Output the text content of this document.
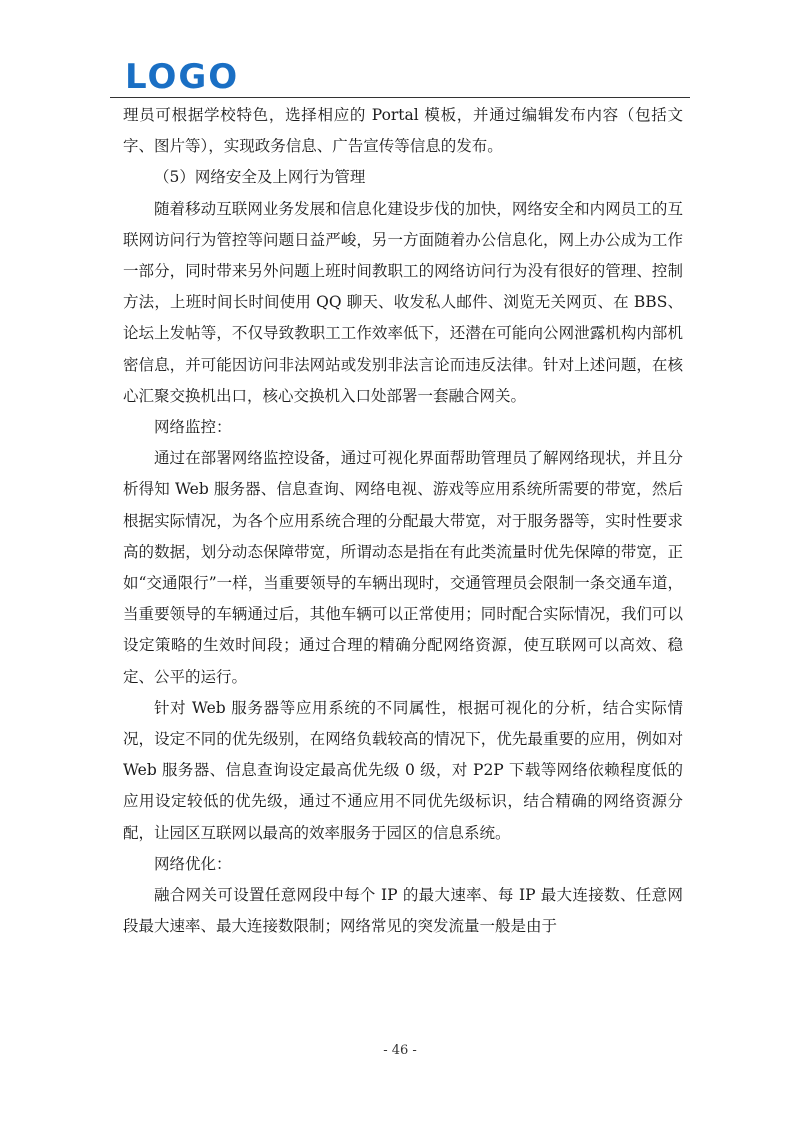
LOGO

理员可根据学校特色，选择相应的 Portal 模板，并通过编辑发布内容（包括文字、图片等），实现政务信息、广告宣传等信息的发布。

（5）网络安全及上网行为管理

随着移动互联网业务发展和信息化建设步伐的加快，网络安全和内网员工的互联网访问行为管控等问题日益严峻，另一方面随着办公信息化，网上办公成为工作一部分，同时带来另外问题上班时间教职工的网络访问行为没有很好的管理、控制方法，上班时间长时间使用 QQ 聊天、收发私人邮件、浏览无关网页、在 BBS、论坛上发帖等，不仅导致教职工工作效率低下，还潜在可能向公网泄露机构内部机密信息，并可能因访问非法网站或发别非法言论而违反法律。针对上述问题，在核心汇聚交换机出口，核心交换机入口处部署一套融合网关。

网络监控：

通过在部署网络监控设备，通过可视化界面帮助管理员了解网络现状，并且分析得知 Web 服务器、信息查询、网络电视、游戏等应用系统所需要的带宽，然后根据实际情况，为各个应用系统合理的分配最大带宽，对于服务器等，实时性要求高的数据，划分动态保障带宽，所谓动态是指在有此类流量时优先保障的带宽，正如“交通限行”一样，当重要领导的车辆出现时，交通管理员会限制一条交通车道，当重要领导的车辆通过后，其他车辆可以正常使用；同时配合实际情况，我们可以设定策略的生效时间段；通过合理的精确分配网络资源，使互联网可以高效、稳定、公平的运行。

针对 Web 服务器等应用系统的不同属性，根据可视化的分析，结合实际情况，设定不同的优先级别，在网络负载较高的情况下，优先最重要的应用，例如对 Web 服务器、信息查询设定最高优先级 0 级，对 P2P 下载等网络依赖程度低的应用设定较低的优先级，通过不通应用不同优先级标识，结合精确的网络资源分配，让园区互联网以最高的效率服务于园区的信息系统。

网络优化：

融合网关可设置任意网段中每个 IP 的最大速率、每 IP 最大连接数、任意网段最大速率、最大连接数限制；网络常见的突发流量一般是由于

- 46 -
